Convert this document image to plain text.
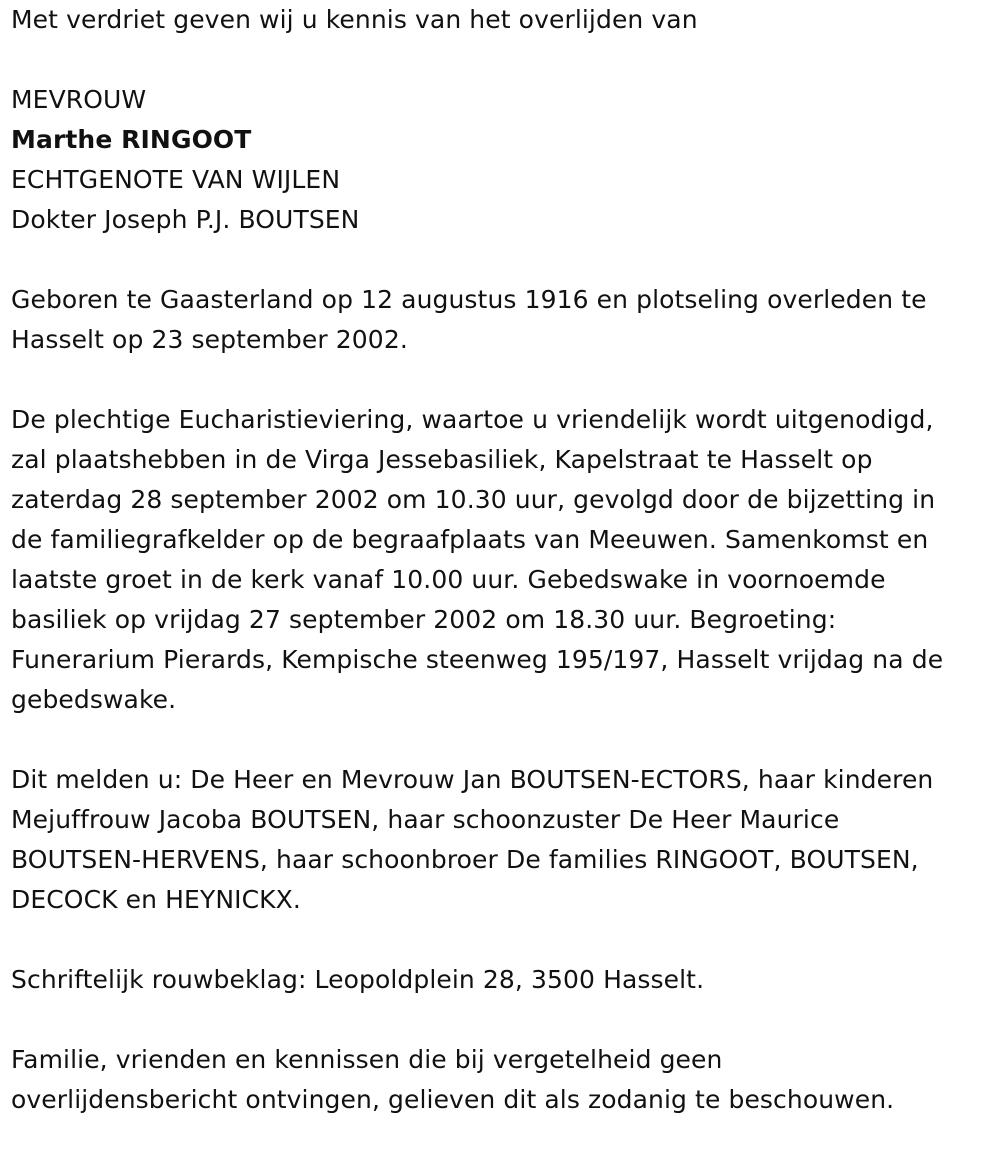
Met verdriet geven wij u kennis van het overlijden van

MEVROUW

Marthe RINGOOT

ECHTGENOTE VAN WIJLEN

Dokter Joseph P.J. BOUTSEN

Geboren te Gaasterland op 12 augustus 1916 en plotseling overleden te

Hasselt op 23 september 2002.

De plechtige Eucharistieviering, waartoe u vriendelijk wordt uitgenodigd,

zal plaatshebben in de Virga Jessebasiliek, Kapelstraat te Hasselt op

zaterdag 28 september 2002 om 10.30 uur, gevolgd door de bijzetting in

de familiegrafkelder op de begraafplaats van Meeuwen. Samenkomst en

laatste groet in de kerk vanaf 10.00 uur. Gebedswake in voornoemde

basiliek op vrijdag 27 september 2002 om 18.30 uur. Begroeting:

Funerarium Pierards, Kempische steenweg 195/197, Hasselt vrijdag na de

gebedswake.

Dit melden u: De Heer en Mevrouw Jan BOUTSEN-ECTORS, haar kinderen

Mejuffrouw Jacoba BOUTSEN, haar schoonzuster De Heer Maurice

BOUTSEN-HERVENS, haar schoonbroer De families RINGOOT, BOUTSEN,

DECOCK en HEYNICKX.

Schriftelijk rouwbeklag: Leopoldplein 28, 3500 Hasselt.

Familie, vrienden en kennissen die bij vergetelheid geen

overlijdensbericht ontvingen, gelieven dit als zodanig te beschouwen.
